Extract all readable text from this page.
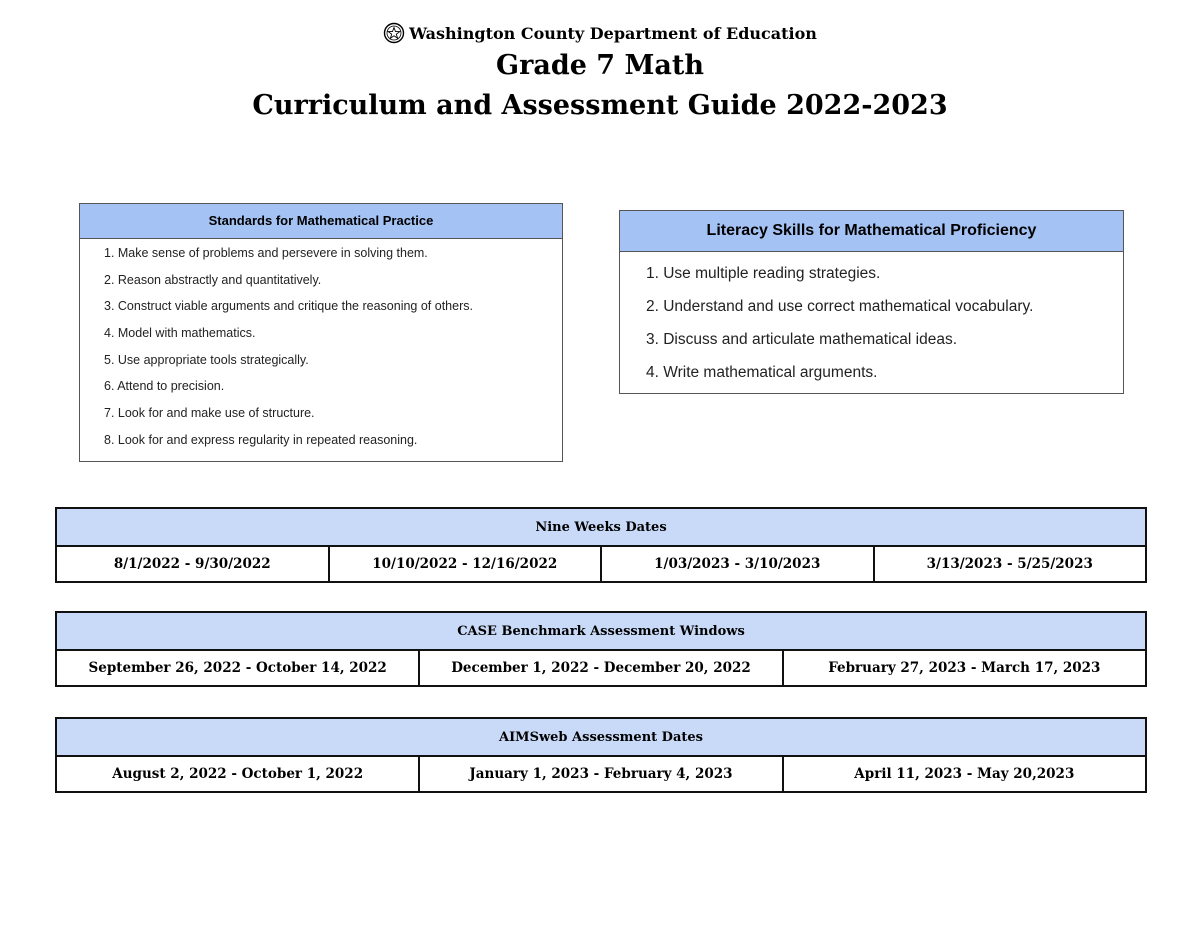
Washington County Department of Education
Grade 7 Math
Curriculum and Assessment Guide 2022-2023
Standards for Mathematical Practice
1. Make sense of problems and persevere in solving them.
2. Reason abstractly and quantitatively.
3. Construct viable arguments and critique the reasoning of others.
4. Model with mathematics.
5. Use appropriate tools strategically.
6. Attend to precision.
7. Look for and make use of structure.
8. Look for and express regularity in repeated reasoning.
Literacy Skills for Mathematical Proficiency
1. Use multiple reading strategies.
2. Understand and use correct mathematical vocabulary.
3. Discuss and articulate mathematical ideas.
4. Write mathematical arguments.
Nine Weeks Dates
8/1/2022 - 9/30/2022	10/10/2022 - 12/16/2022	1/03/2023 - 3/10/2023	3/13/2023 - 5/25/2023
CASE Benchmark Assessment Windows
September 26, 2022 - October 14, 2022	December 1, 2022 - December 20, 2022	February 27, 2023 - March 17, 2023
AIMSweb Assessment Dates
August 2, 2022 - October 1, 2022	January 1, 2023 - February 4, 2023	April 11, 2023 - May 20,2023
